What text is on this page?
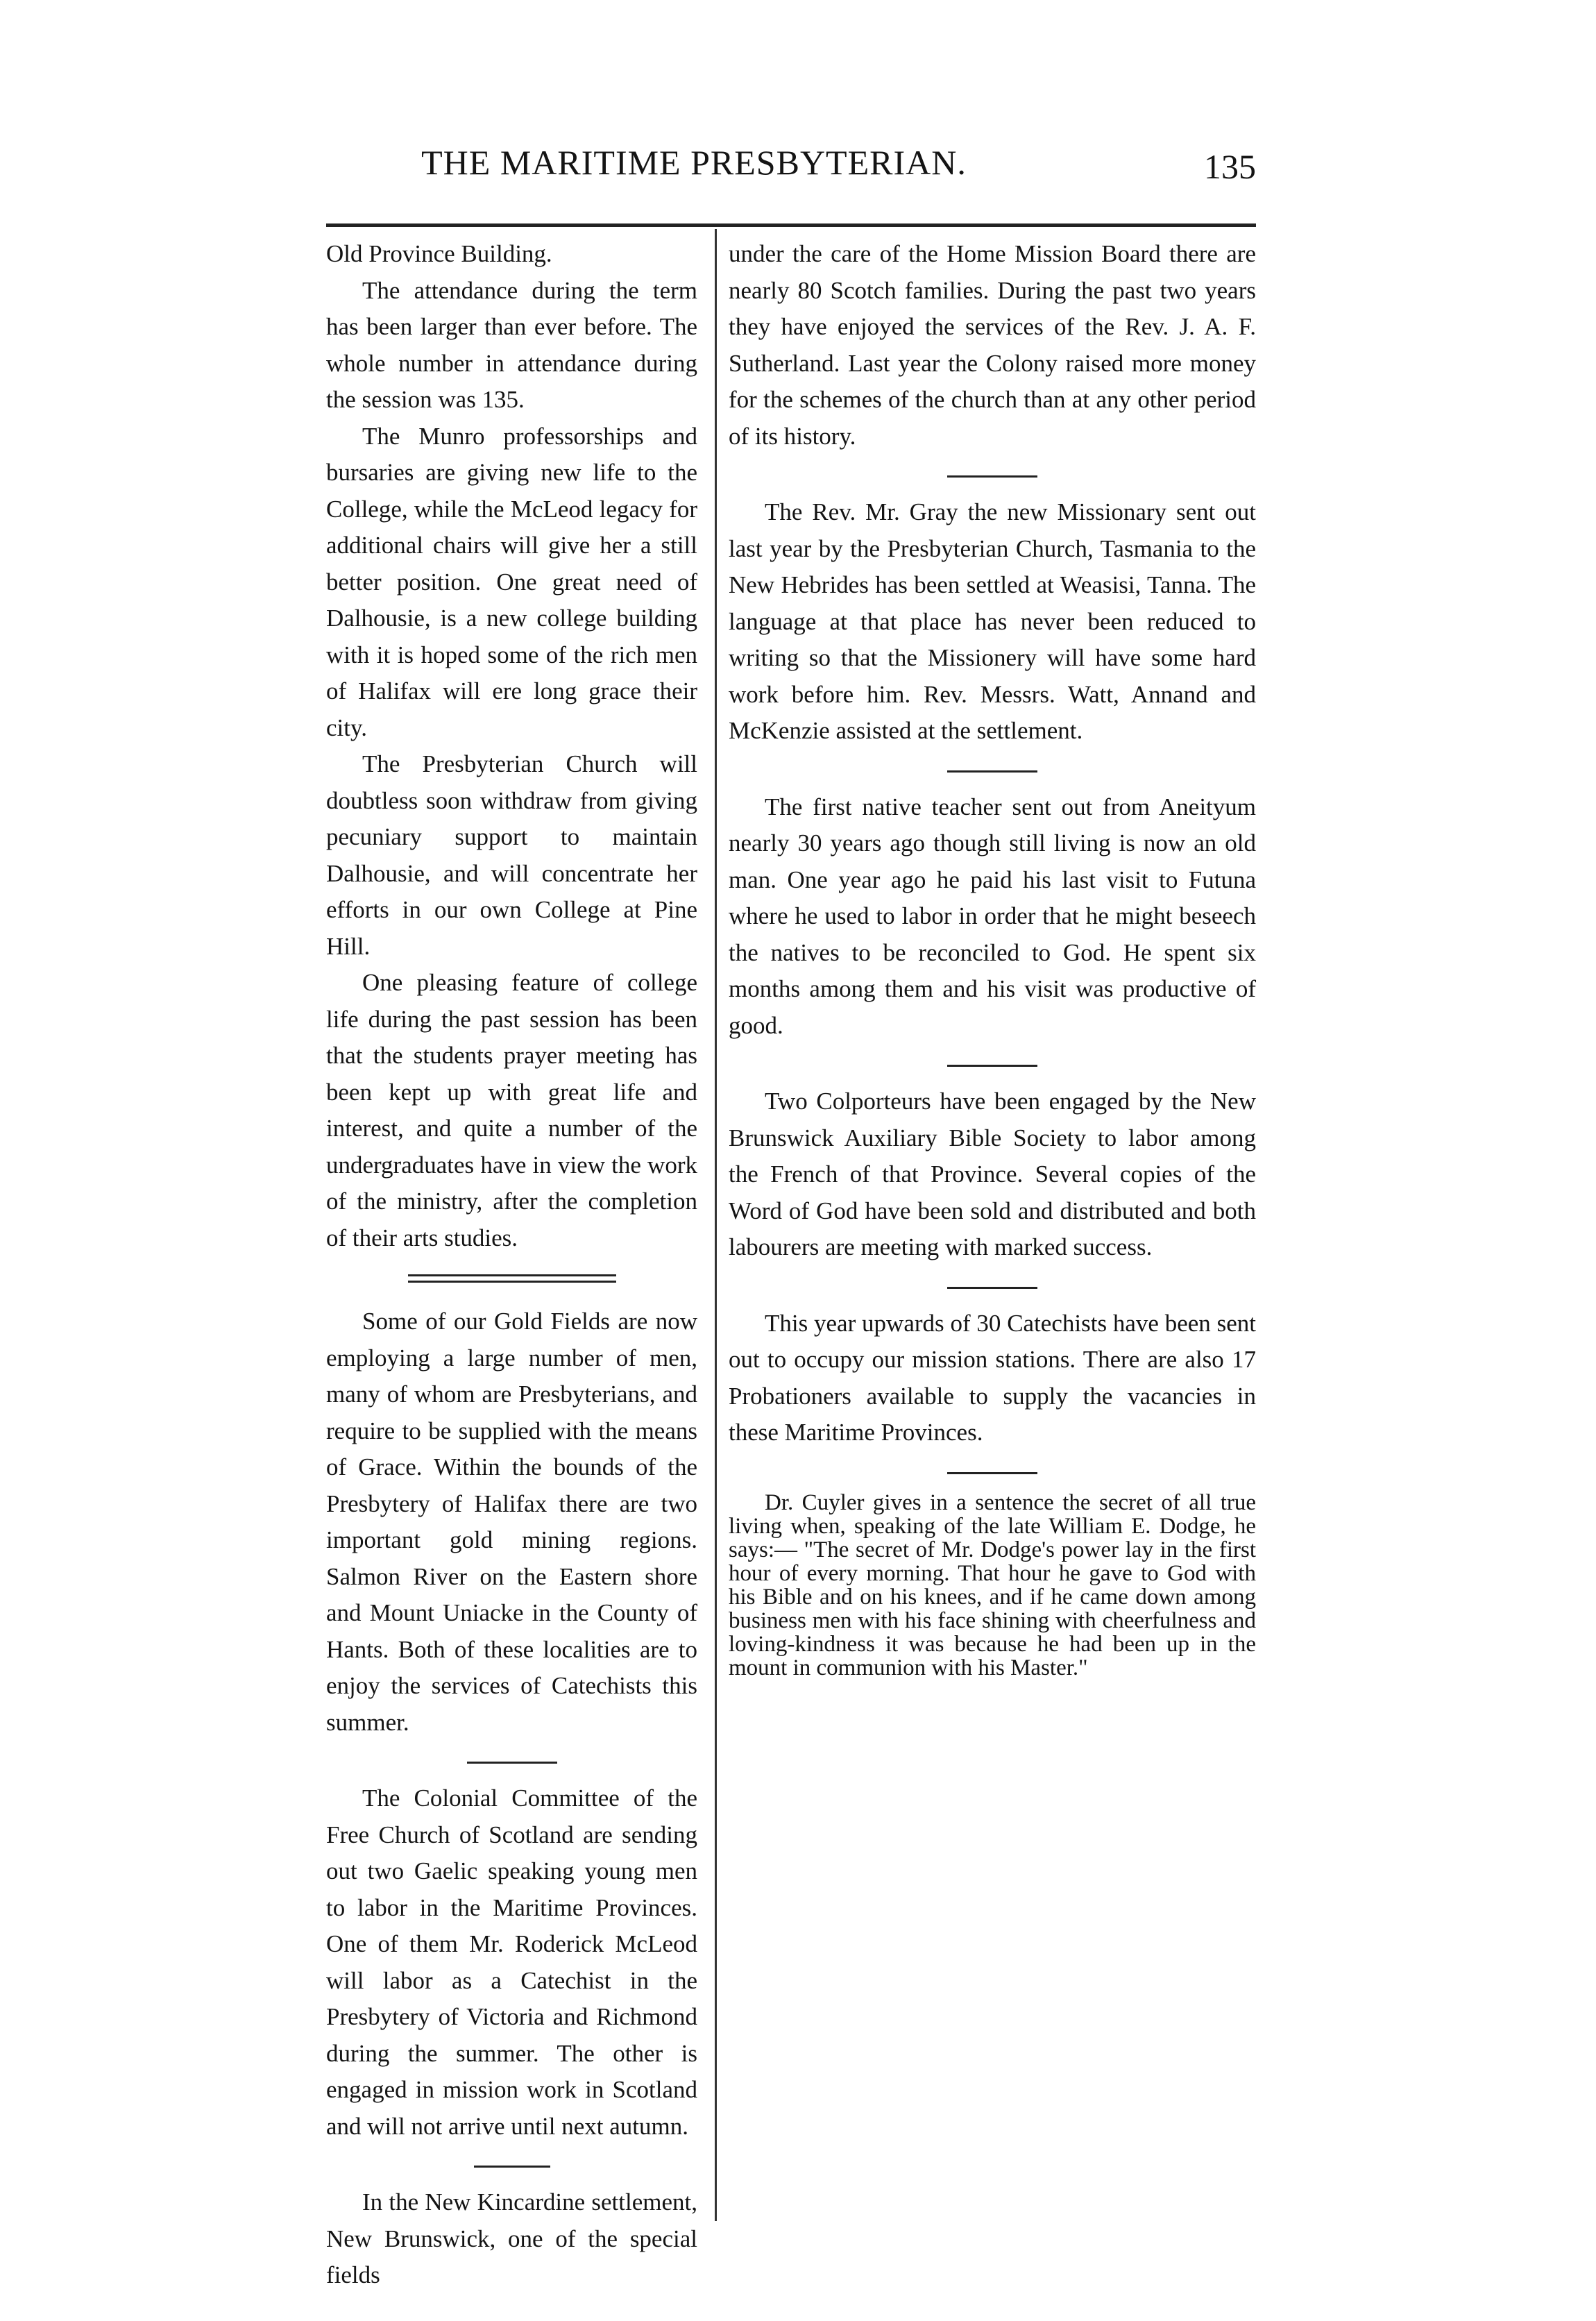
THE MARITIME PRESBYTERIAN.	135

Old Province Building.

The attendance during the term has been larger than ever before. The whole number in attendance during the session was 135.

The Munro professorships and bursaries are giving new life to the College, while the McLeod legacy for additional chairs will give her a still better position. One great need of Dalhousie, is a new college building with it is hoped some of the rich men of Halifax will ere long grace their city.

The Presbyterian Church will doubtless soon withdraw from giving pecuniary support to maintain Dalhousie, and will concentrate her efforts in our own College at Pine Hill.

One pleasing feature of college life during the past session has been that the students prayer meeting has been kept up with great life and interest, and quite a number of the undergraduates have in view the work of the ministry, after the completion of their arts studies.

Some of our Gold Fields are now employing a large number of men, many of whom are Presbyterians, and require to be supplied with the means of Grace. Within the bounds of the Presbytery of Halifax there are two important gold mining regions. Salmon River on the Eastern shore and Mount Uniacke in the County of Hants. Both of these localities are to enjoy the services of Catechists this summer.

The Colonial Committee of the Free Church of Scotland are sending out two Gaelic speaking young men to labor in the Maritime Provinces. One of them Mr. Roderick McLeod will labor as a Catechist in the Presbytery of Victoria and Richmond during the summer. The other is engaged in mission work in Scotland and will not arrive until next autumn.

In the New Kincardine settlement, New Brunswick, one of the special fields

under the care of the Home Mission Board there are nearly 80 Scotch families. During the past two years they have enjoyed the services of the Rev. J. A. F. Sutherland. Last year the Colony raised more money for the schemes of the church than at any other period of its history.

The Rev. Mr. Gray the new Missionary sent out last year by the Presbyterian Church, Tasmania to the New Hebrides has been settled at Weasisi, Tanna. The language at that place has never been reduced to writing so that the Missionery will have some hard work before him. Rev. Messrs. Watt, Annand and McKenzie assisted at the settlement.

The first native teacher sent out from Aneityum nearly 30 years ago though still living is now an old man. One year ago he paid his last visit to Futuna where he used to labor in order that he might beseech the natives to be reconciled to God. He spent six months among them and his visit was productive of good.

Two Colporteurs have been engaged by the New Brunswick Auxiliary Bible Society to labor among the French of that Province. Several copies of the Word of God have been sold and distributed and both labourers are meeting with marked success.

This year upwards of 30 Catechists have been sent out to occupy our mission stations. There are also 17 Probationers available to supply the vacancies in these Maritime Provinces.

Dr. Cuyler gives in a sentence the secret of all true living when, speaking of the late William E. Dodge, he says:— "The secret of Mr. Dodge's power lay in the first hour of every morning. That hour he gave to God with his Bible and on his knees, and if he came down among business men with his face shining with cheerfulness and loving-kindness it was because he had been up in the mount in communion with his Master."
